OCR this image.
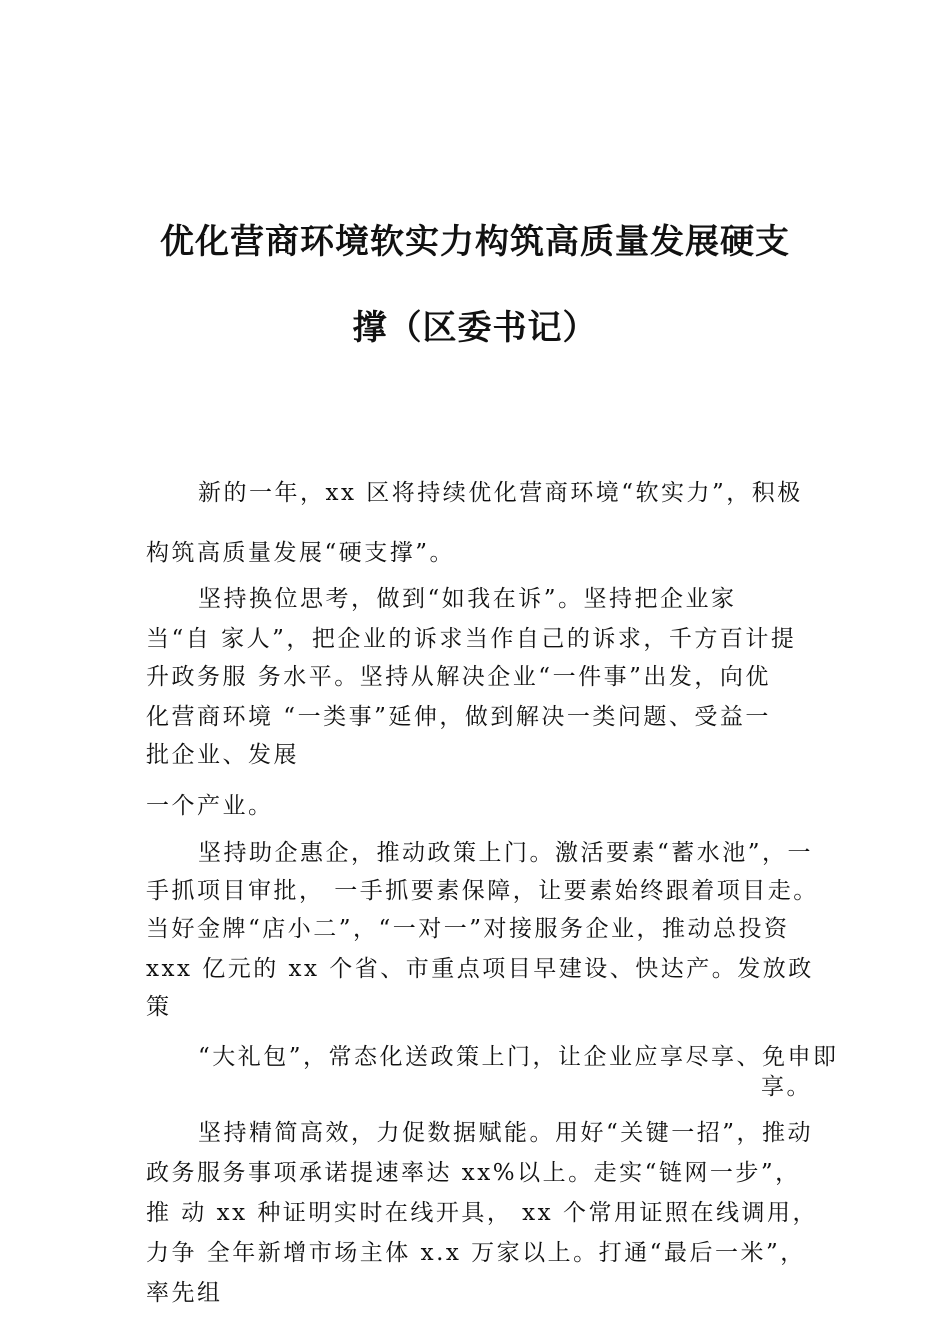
优化营商环境软实力构筑高质量发展硬支
撑（区委书记）
新的一年，xx 区将持续优化营商环境“软实力”，积极
构筑高质量发展“硬支撑”。
坚持换位思考，做到“如我在诉”。坚持把企业家
当“自 家人”，把企业的诉求当作自己的诉求，千方百计提
升政务服 务水平。坚持从解决企业“一件事”出发，向优
化营商环境 “一类事”延伸，做到解决一类问题、受益一
批企业、发展
一个产业。
坚持助企惠企，推动政策上门。激活要素“蓄水池”，一
手抓项目审批， 一手抓要素保障，让要素始终跟着项目走。
当好金牌“店小二”，“一对一”对接服务企业，推动总投资
xxx 亿元的 xx 个省、市重点项目早建设、快达产。发放政
策
“大礼包”，常态化送政策上门，让企业应享尽享、免申即
享。
坚持精简高效，力促数据赋能。用好“关键一招”，推动
政务服务事项承诺提速率达 xx%以上。走实“链网一步”，
推 动 xx 种证明实时在线开具， xx 个常用证照在线调用，
力争 全年新增市场主体 x.x 万家以上。打通“最后一米”，
率先组
